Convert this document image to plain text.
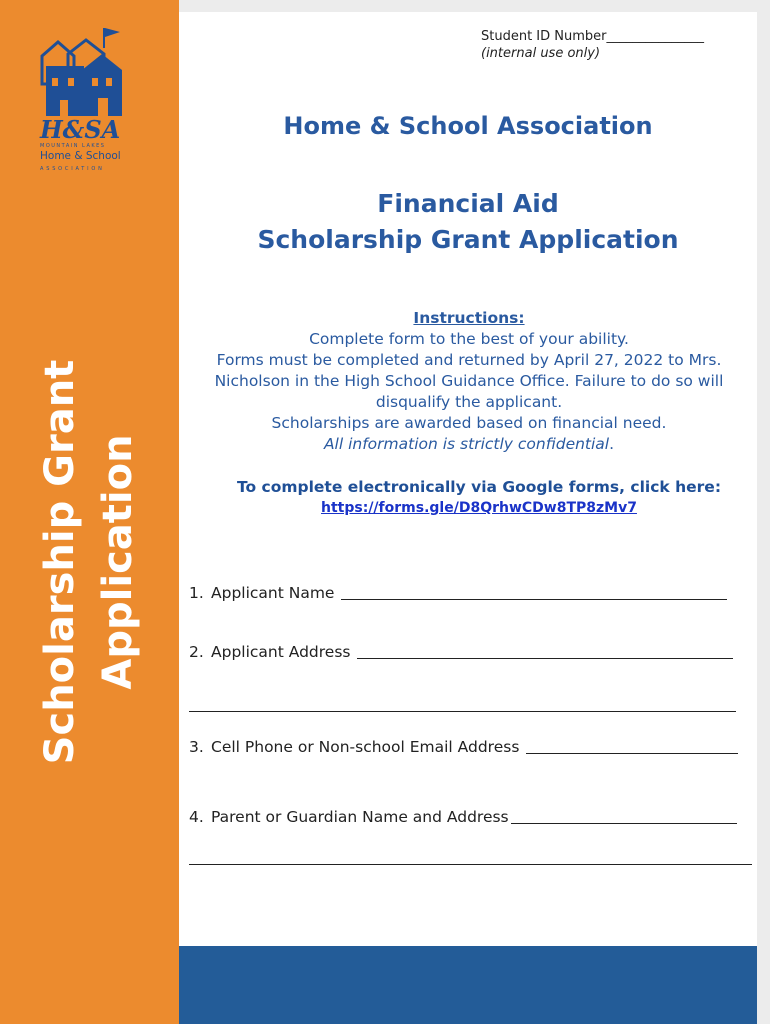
H&SA
MOUNTAIN LAKES
Home & School
ASSOCIATION
Scholarship Grant Application
Student ID Number_______________
(internal use only)
Home & School Association
Financial Aid
Scholarship Grant Application
Instructions:
Complete form to the best of your ability.
Forms must be completed and returned by April 27, 2022 to Mrs. Nicholson in the High School Guidance Office. Failure to do so will disqualify the applicant.
Scholarships are awarded based on financial need.
All information is strictly confidential.
To complete electronically via Google forms, click here:
https://forms.gle/D8QrhwCDw8TP8zMv7
1. Applicant Name
2. Applicant Address
3. Cell Phone or Non-school Email Address
4. Parent or Guardian Name and Address
